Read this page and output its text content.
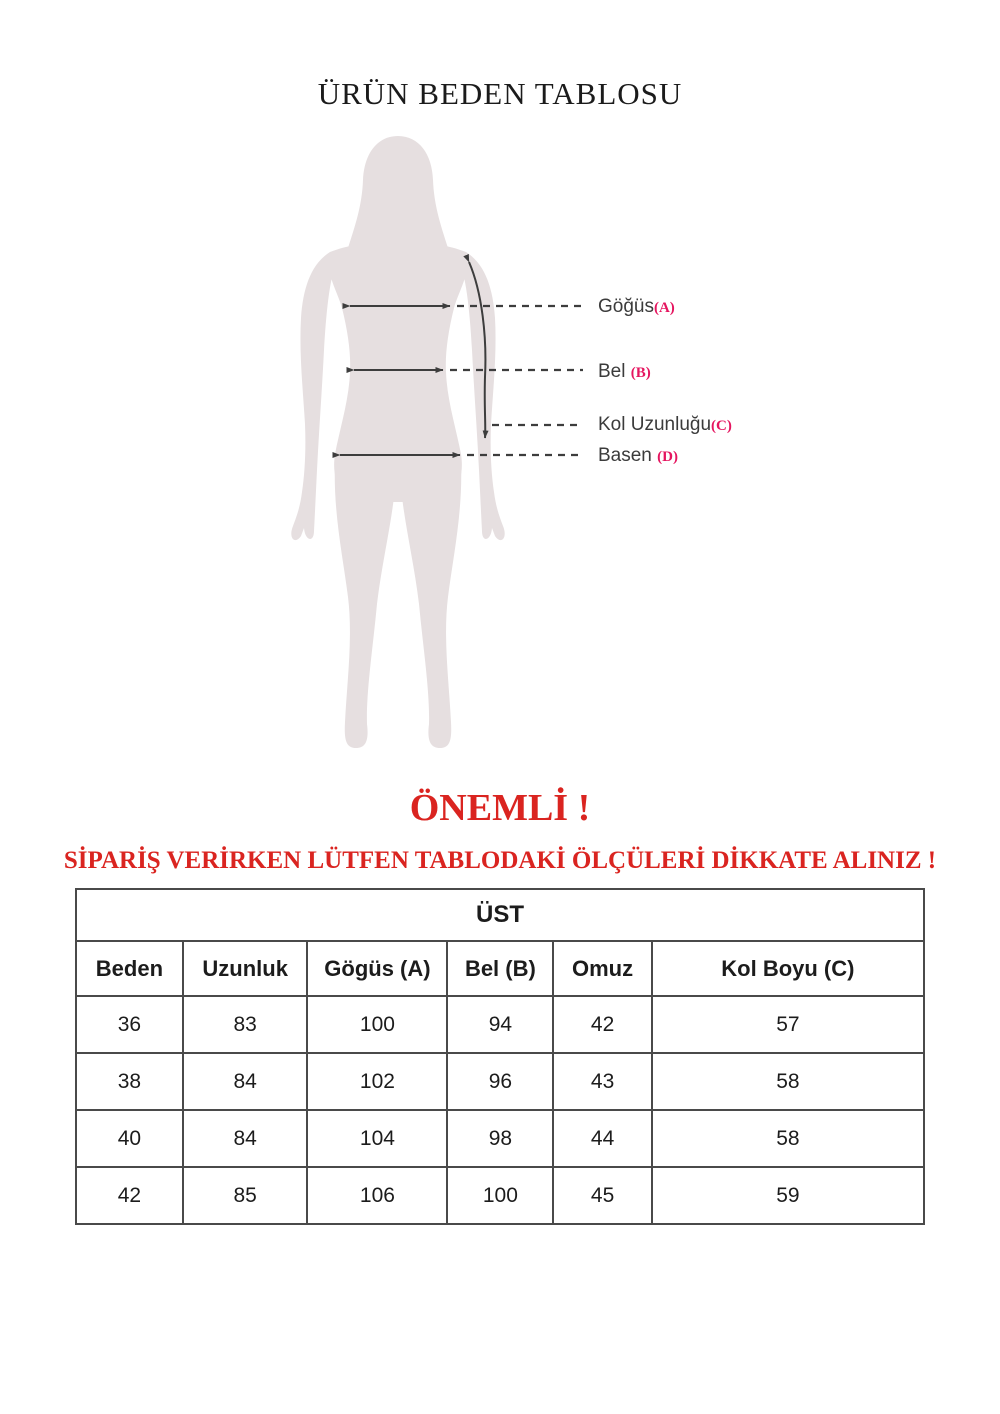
ÜRÜN BEDEN TABLOSU
Göğüs(A)
Bel (B)
Kol Uzunluğu(C)
Basen (D)
ÖNEMLİ !
SİPARİŞ VERİRKEN LÜTFEN TABLODAKİ ÖLÇÜLERİ DİKKATE ALINIZ !
ÜST					
Beden	Uzunluk	Gögüs (A)	Bel (B)	Omuz	Kol Boyu (C)
36	83	100	94	42	57
38	84	102	96	43	58
40	84	104	98	44	58
42	85	106	100	45	59
